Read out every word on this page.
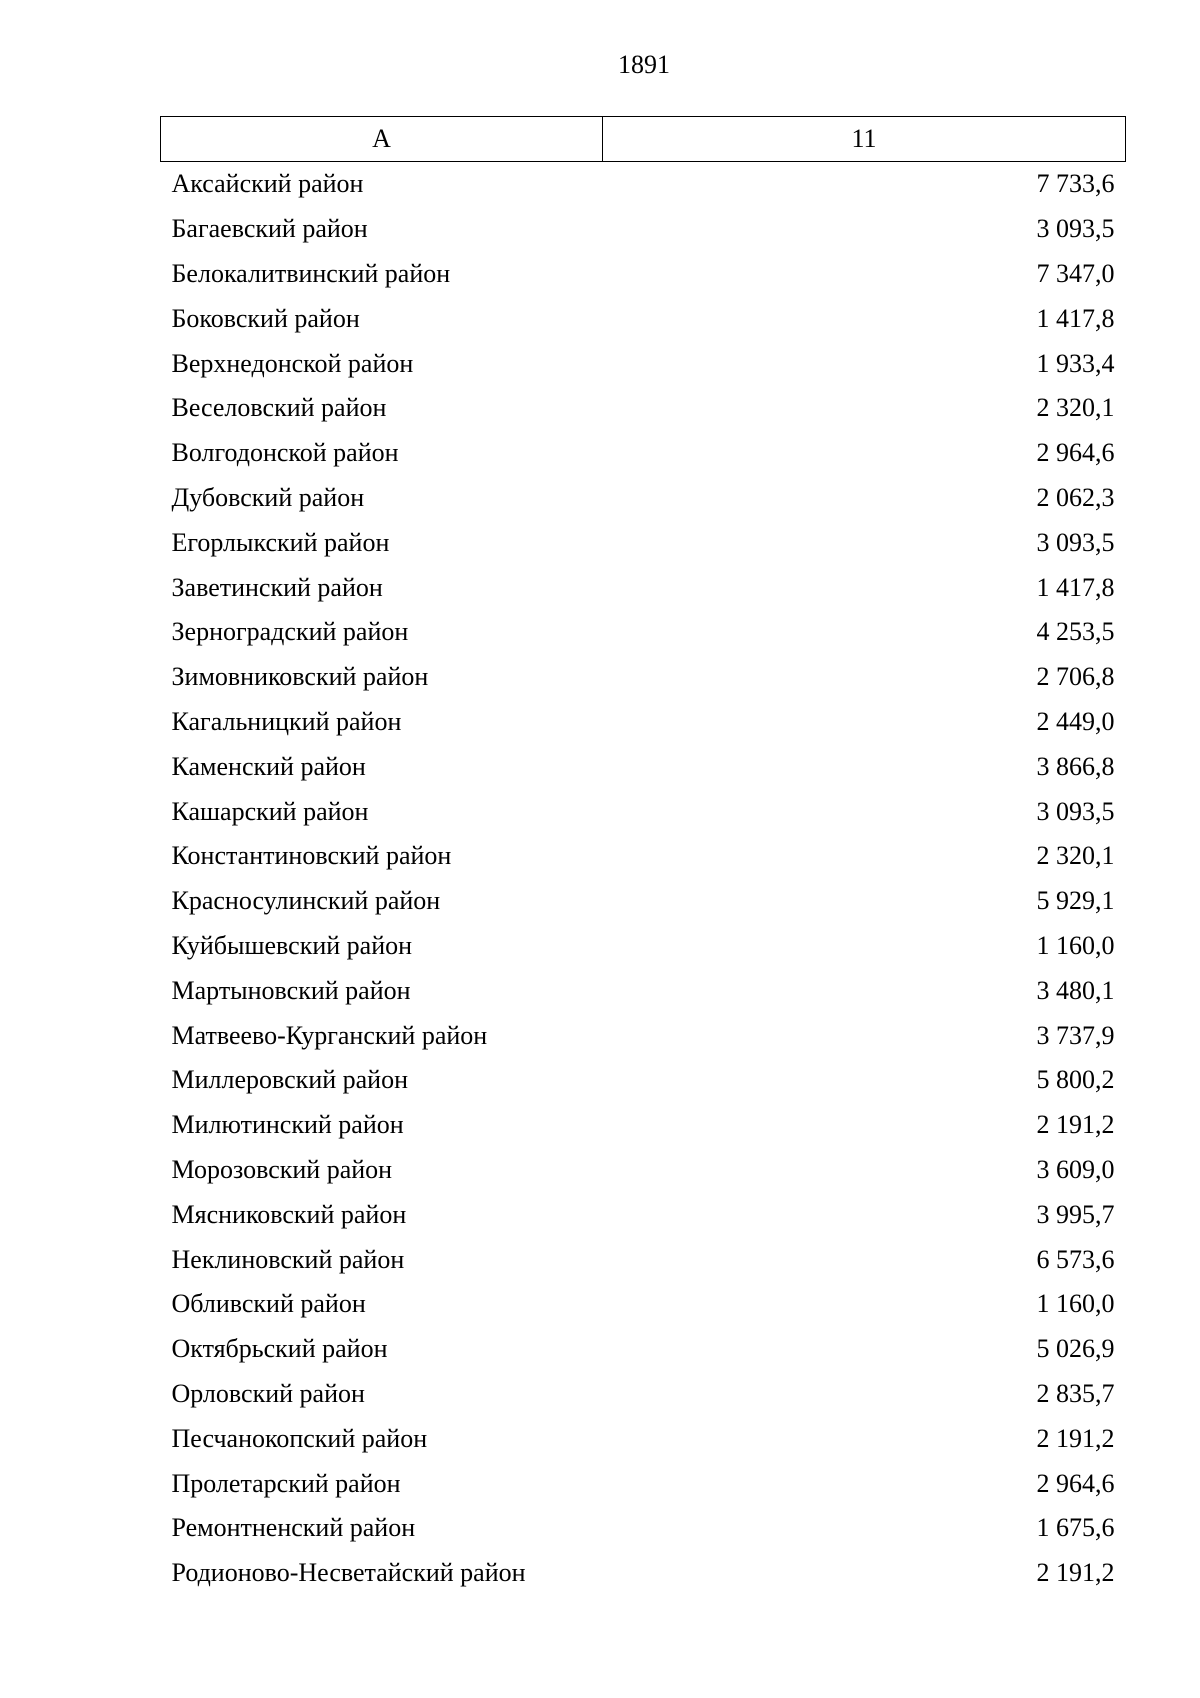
1891
А	11
Аксайский район	7 733,6
Багаевский район	3 093,5
Белокалитвинский район	7 347,0
Боковский район	1 417,8
Верхнедонской район	1 933,4
Веселовский район	2 320,1
Волгодонской район	2 964,6
Дубовский район	2 062,3
Егорлыкский район	3 093,5
Заветинский район	1 417,8
Зерноградский район	4 253,5
Зимовниковский район	2 706,8
Кагальницкий район	2 449,0
Каменский район	3 866,8
Кашарский район	3 093,5
Константиновский район	2 320,1
Красносулинский район	5 929,1
Куйбышевский район	1 160,0
Мартыновский район	3 480,1
Матвеево-Курганский район	3 737,9
Миллеровский район	5 800,2
Милютинский район	2 191,2
Морозовский район	3 609,0
Мясниковский район	3 995,7
Неклиновский район	6 573,6
Обливский район	1 160,0
Октябрьский район	5 026,9
Орловский район	2 835,7
Песчанокопский район	2 191,2
Пролетарский район	2 964,6
Ремонтненский район	1 675,6
Родионово-Несветайский район	2 191,2
